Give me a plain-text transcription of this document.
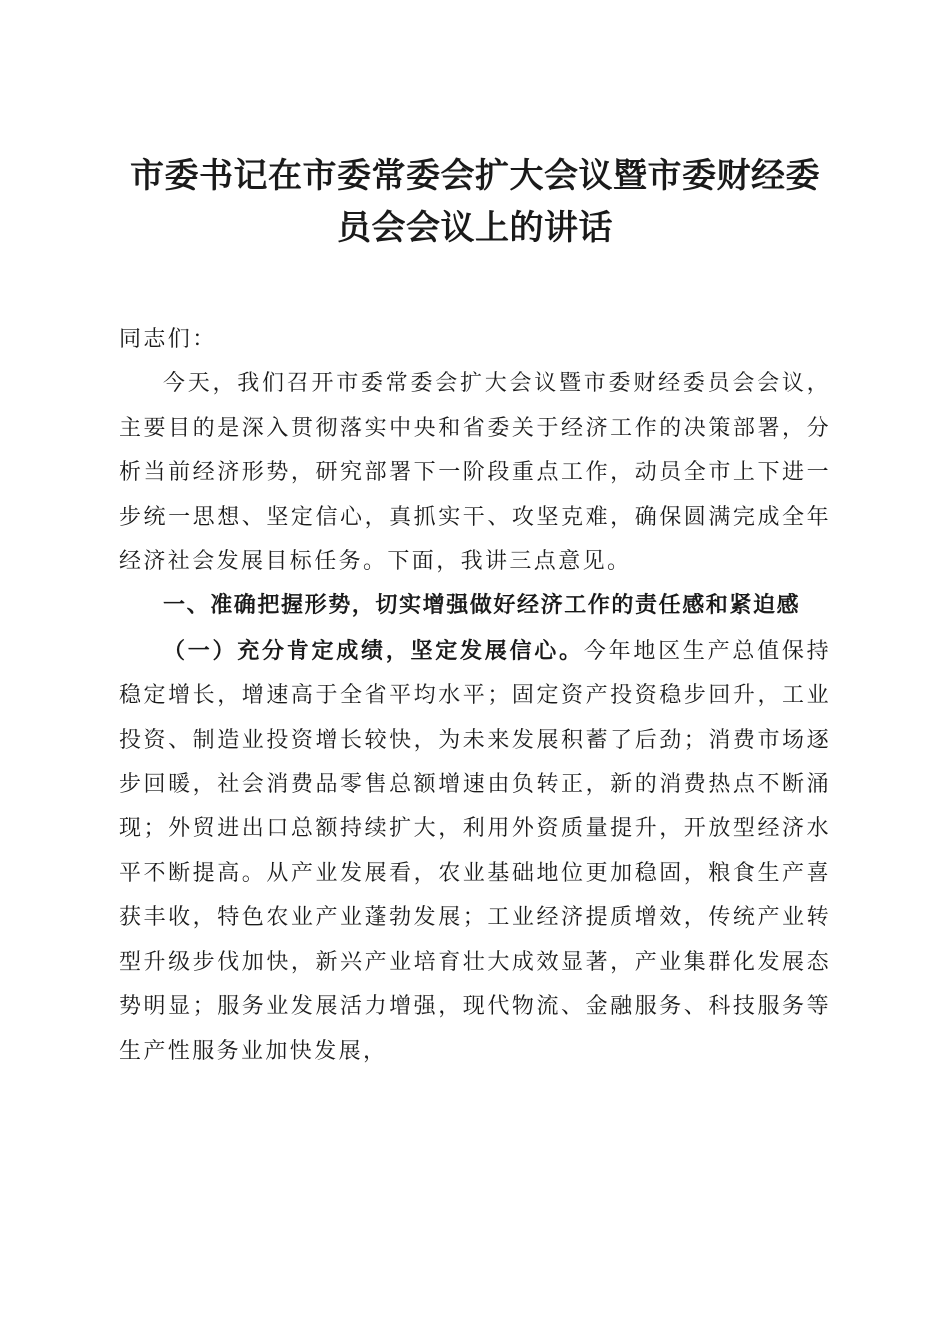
市委书记在市委常委会扩大会议暨市委财经委
员会会议上的讲话

同志们：

今天，我们召开市委常委会扩大会议暨市委财经委员会会议，主要目的是深入贯彻落实中央和省委关于经济工作的决策部署，分析当前经济形势，研究部署下一阶段重点工作，动员全市上下进一步统一思想、坚定信心，真抓实干、攻坚克难，确保圆满完成全年经济社会发展目标任务。下面，我讲三点意见。

一、准确把握形势，切实增强做好经济工作的责任感和紧迫感

（一）充分肯定成绩，坚定发展信心。今年地区生产总值保持稳定增长，增速高于全省平均水平；固定资产投资稳步回升，工业投资、制造业投资增长较快，为未来发展积蓄了后劲；消费市场逐步回暖，社会消费品零售总额增速由负转正，新的消费热点不断涌现；外贸进出口总额持续扩大，利用外资质量提升，开放型经济水平不断提高。从产业发展看，农业基础地位更加稳固，粮食生产喜获丰收，特色农业产业蓬勃发展；工业经济提质增效，传统产业转型升级步伐加快，新兴产业培育壮大成效显著，产业集群化发展态势明显；服务业发展活力增强，现代物流、金融服务、科技服务等生产性服务业加快发展，
